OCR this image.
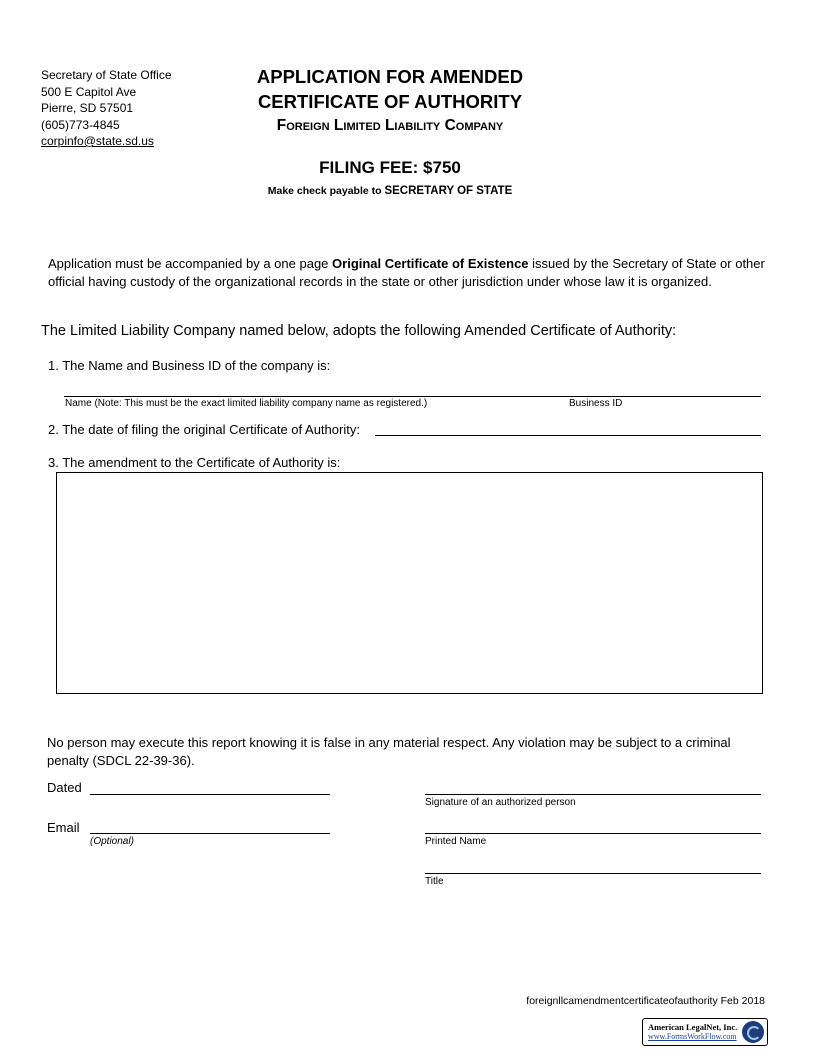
Secretary of State Office
500 E Capitol Ave
Pierre, SD 57501
(605)773-4845
corpinfo@state.sd.us
APPLICATION FOR AMENDED
CERTIFICATE OF AUTHORITY
Foreign Limited Liability Company
FILING FEE: $750
Make check payable to SECRETARY OF STATE
Application must be accompanied by a one page Original Certificate of Existence issued by the Secretary of State or other official having custody of the organizational records in the state or other jurisdiction under whose law it is organized.
The Limited Liability Company named below, adopts the following Amended Certificate of Authority:
1. The Name and Business ID of the company is:
Name (Note: This must be the exact limited liability company name as registered.)	Business ID
2. The date of filing the original Certificate of Authority:
3. The amendment to the Certificate of Authority is:
No person may execute this report knowing it is false in any material respect. Any violation may be subject to a criminal penalty (SDCL 22-39-36).
Dated
Email
(Optional)
Signature of an authorized person
Printed Name
Title
foreignllcamendmentcertificateofauthority Feb 2018
American LegalNet, Inc.
www.FormsWorkFlow.com
